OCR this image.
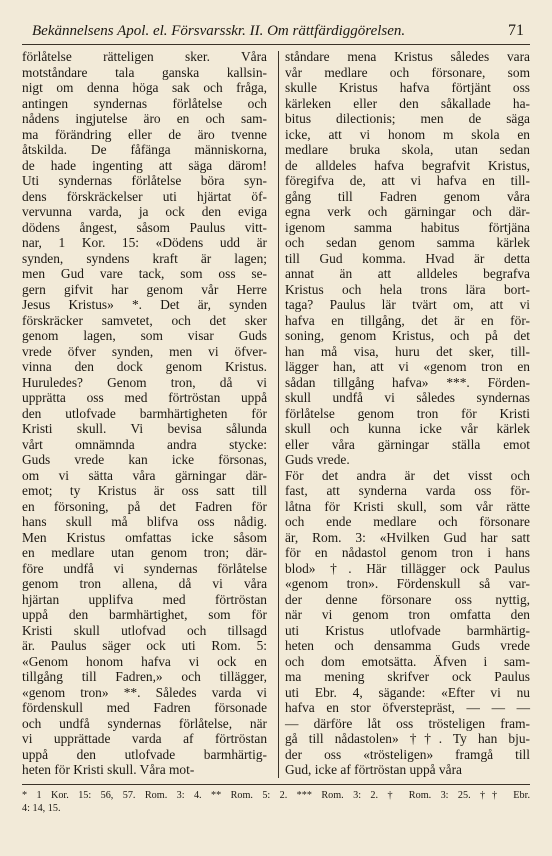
Bekännelsens Apol. el. Försvarsskr. II. Om rättfärdiggörelsen.	71
förlåtelse rätteligen sker. Våra
motståndare tala ganska kallsin-
nigt om denna höga sak och fråga,
antingen syndernas förlåtelse och
nådens ingjutelse äro en och sam-
ma förändring eller de äro tvenne
åtskilda. De fåfänga människorna,
de hade ingenting att säga därom!
Uti syndernas förlåtelse böra syn-
dens förskräckelser uti hjärtat öf-
vervunna varda, ja ock den eviga
dödens ångest, såsom Paulus vitt-
nar, 1 Kor. 15: «Dödens udd är
synden, syndens kraft är lagen;
men Gud vare tack, som oss se-
gern gifvit har genom vår Herre
Jesus Kristus» *. Det är, synden
förskräcker samvetet, och det sker
genom lagen, som visar Guds
vrede öfver synden, men vi öfver-
vinna den dock genom Kristus.
Huruledes? Genom tron, då vi
upprätta oss med förtröstan uppå
den utlofvade barmhärtigheten för
Kristi skull. Vi bevisa sålunda
vårt omnämnda andra stycke:
Guds vrede kan icke försonas,
om vi sätta våra gärningar där-
emot; ty Kristus är oss satt till
en försoning, på det Fadren för
hans skull må blifva oss nådig.
Men Kristus omfattas icke såsom
en medlare utan genom tron; där-
före undfå vi syndernas förlåtelse
genom tron allena, då vi våra
hjärtan upplifva med förtröstan
uppå den barmhärtighet, som för
Kristi skull utlofvad och tillsagd
är. Paulus säger ock uti Rom. 5:
«Genom honom hafva vi ock en
tillgång till Fadren,» och tillägger,
«genom tron» **. Således varda vi
fördenskull med Fadren försonade
och undfå syndernas förlåtelse, när
vi upprättade varda af förtröstan
uppå den utlofvade barmhärtig-
heten för Kristi skull. Våra mot-
ståndare mena Kristus således vara
vår medlare och försonare, som
skulle Kristus hafva förtjänt oss
kärleken eller den såkallade ha-
bitus dilectionis; men de säga
icke, att vi honom m skola en
medlare bruka skola, utan sedan
de alldeles hafva begrafvit Kristus,
föregifva de, att vi hafva en till-
gång till Fadren genom våra
egna verk och gärningar och där-
igenom samma habitus förtjäna
och sedan genom samma kärlek
till Gud komma. Hvad är detta
annat än att alldeles begrafva
Kristus och hela trons lära bort-
taga? Paulus lär tvärt om, att vi
hafva en tillgång, det är en för-
soning, genom Kristus, och på det
han må visa, huru det sker, till-
lägger han, att vi «genom tron en
sådan tillgång hafva» ***. Förden-
skull undfå vi således syndernas
förlåtelse genom tron för Kristi
skull och kunna icke vår kärlek
eller våra gärningar ställa emot
Guds vrede.
För det andra är det visst och
fast, att synderna varda oss för-
låtna för Kristi skull, som vår rätte
och ende medlare och försonare
är, Rom. 3: «Hvilken Gud har satt
för en nådastol genom tron i hans
blod» †. Här tillägger ock Paulus
«genom tron». Fördenskull så var-
der denne försonare oss nyttig,
när vi genom tron omfatta den
uti Kristus utlofvade barmhärtig-
heten och densamma Guds vrede
och dom emotsätta. Äfven i sam-
ma mening skrifver ock Paulus
uti Ebr. 4, sägande: «Efter vi nu
hafva en stor öfverstepräst, — — —
— därföre låt oss trösteligen fram-
gå till nådastolen» ††. Ty han bju-
der oss «trösteligen» framgå till
Gud, icke af förtröstan uppå våra
* 1 Kor. 15: 56, 57. Rom. 3: 4. ** Rom. 5: 2. *** Rom. 3: 2. † Rom. 3: 25. †† Ebr.
4: 14, 15.
